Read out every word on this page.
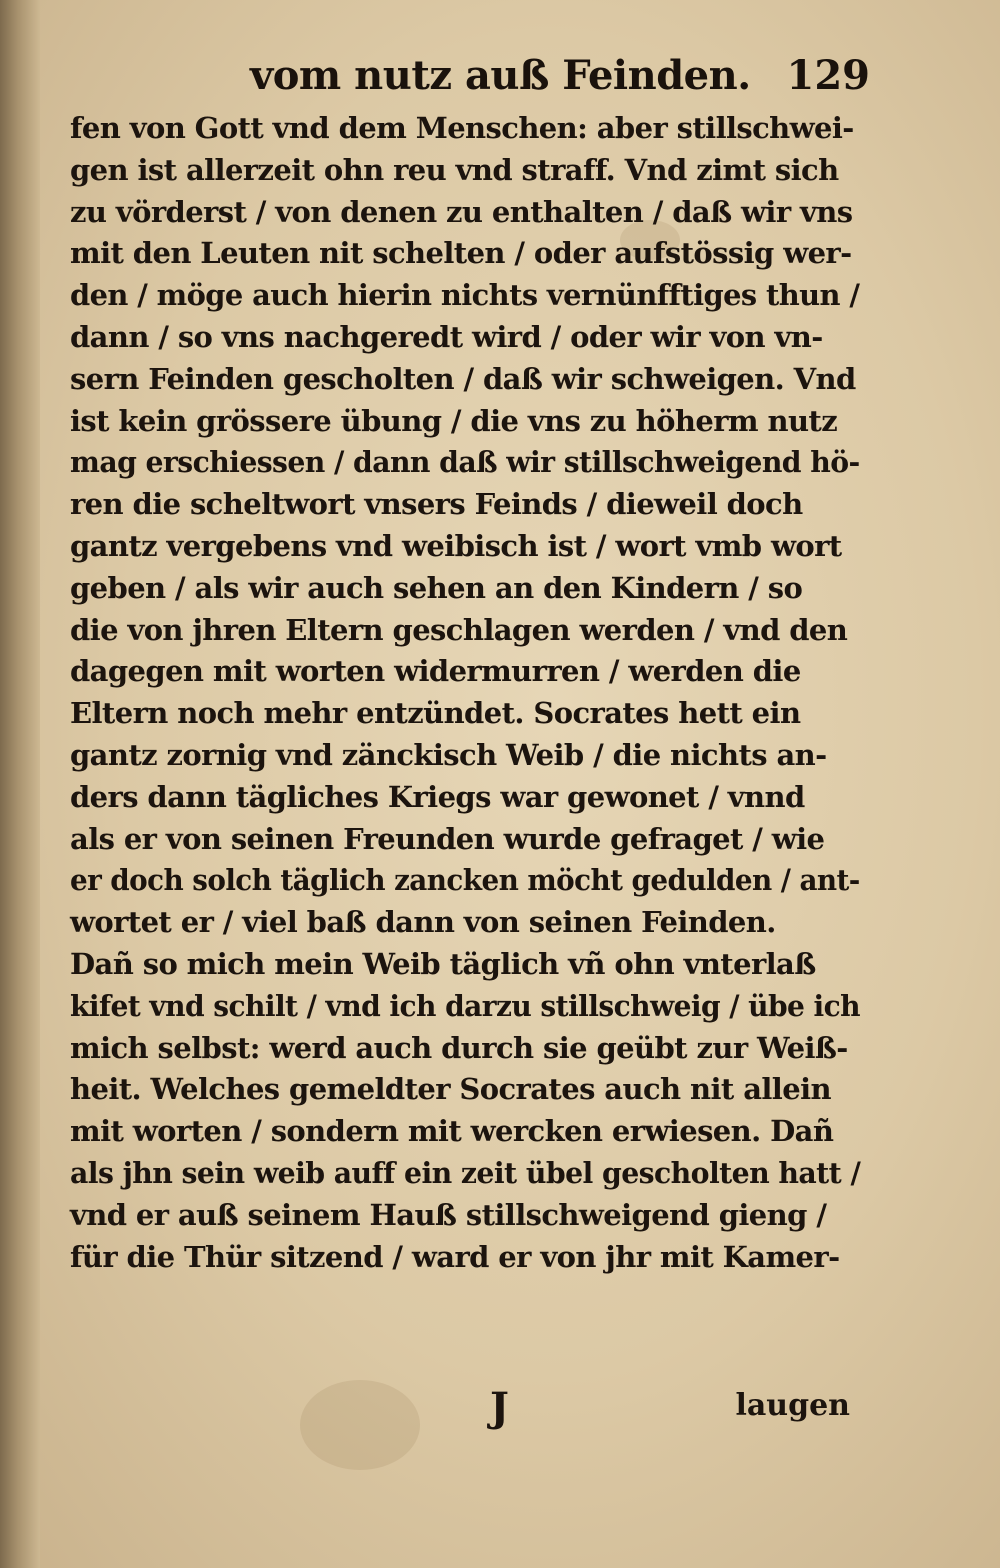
vom nutz auß Feinden. 129
fen von Gott vnd dem Menschen: aber stillschwei-
gen ist allerzeit ohn reu vnd straff. Vnd zimt sich
zu vörderst / von denen zu enthalten / daß wir vns
mit den Leuten nit schelten / oder aufstössig wer-
den / möge auch hierin nichts vernünfftiges thun /
dann / so vns nachgeredt wird / oder wir von vn-
sern Feinden gescholten / daß wir schweigen. Vnd
ist kein grössere übung / die vns zu höherm nutz
mag erschiessen / dann daß wir stillschweigend hö-
ren die scheltwort vnsers Feinds / dieweil doch
gantz vergebens vnd weibisch ist / wort vmb wort
geben / als wir auch sehen an den Kindern / so
die von jhren Eltern geschlagen werden / vnd den
dagegen mit worten widermurren / werden die
Eltern noch mehr entzündet. Socrates hett ein
gantz zornig vnd zänckisch Weib / die nichts an-
ders dann tägliches Kriegs war gewonet / vnnd
als er von seinen Freunden wurde gefraget / wie
er doch solch täglich zancken möcht gedulden / ant-
wortet er / viel baß dann von seinen Feinden.
Dañ so mich mein Weib täglich vñ ohn vnterlaß
kifet vnd schilt / vnd ich darzu stillschweig / übe ich
mich selbst: werd auch durch sie geübt zur Weiß-
heit. Welches gemeldter Socrates auch nit allein
mit worten / sondern mit wercken erwiesen. Dañ
als jhn sein weib auff ein zeit übel gescholten hatt /
vnd er auß seinem Hauß stillschweigend gieng /
für die Thür sitzend / ward er von jhr mit Kamer-
J	laugen
